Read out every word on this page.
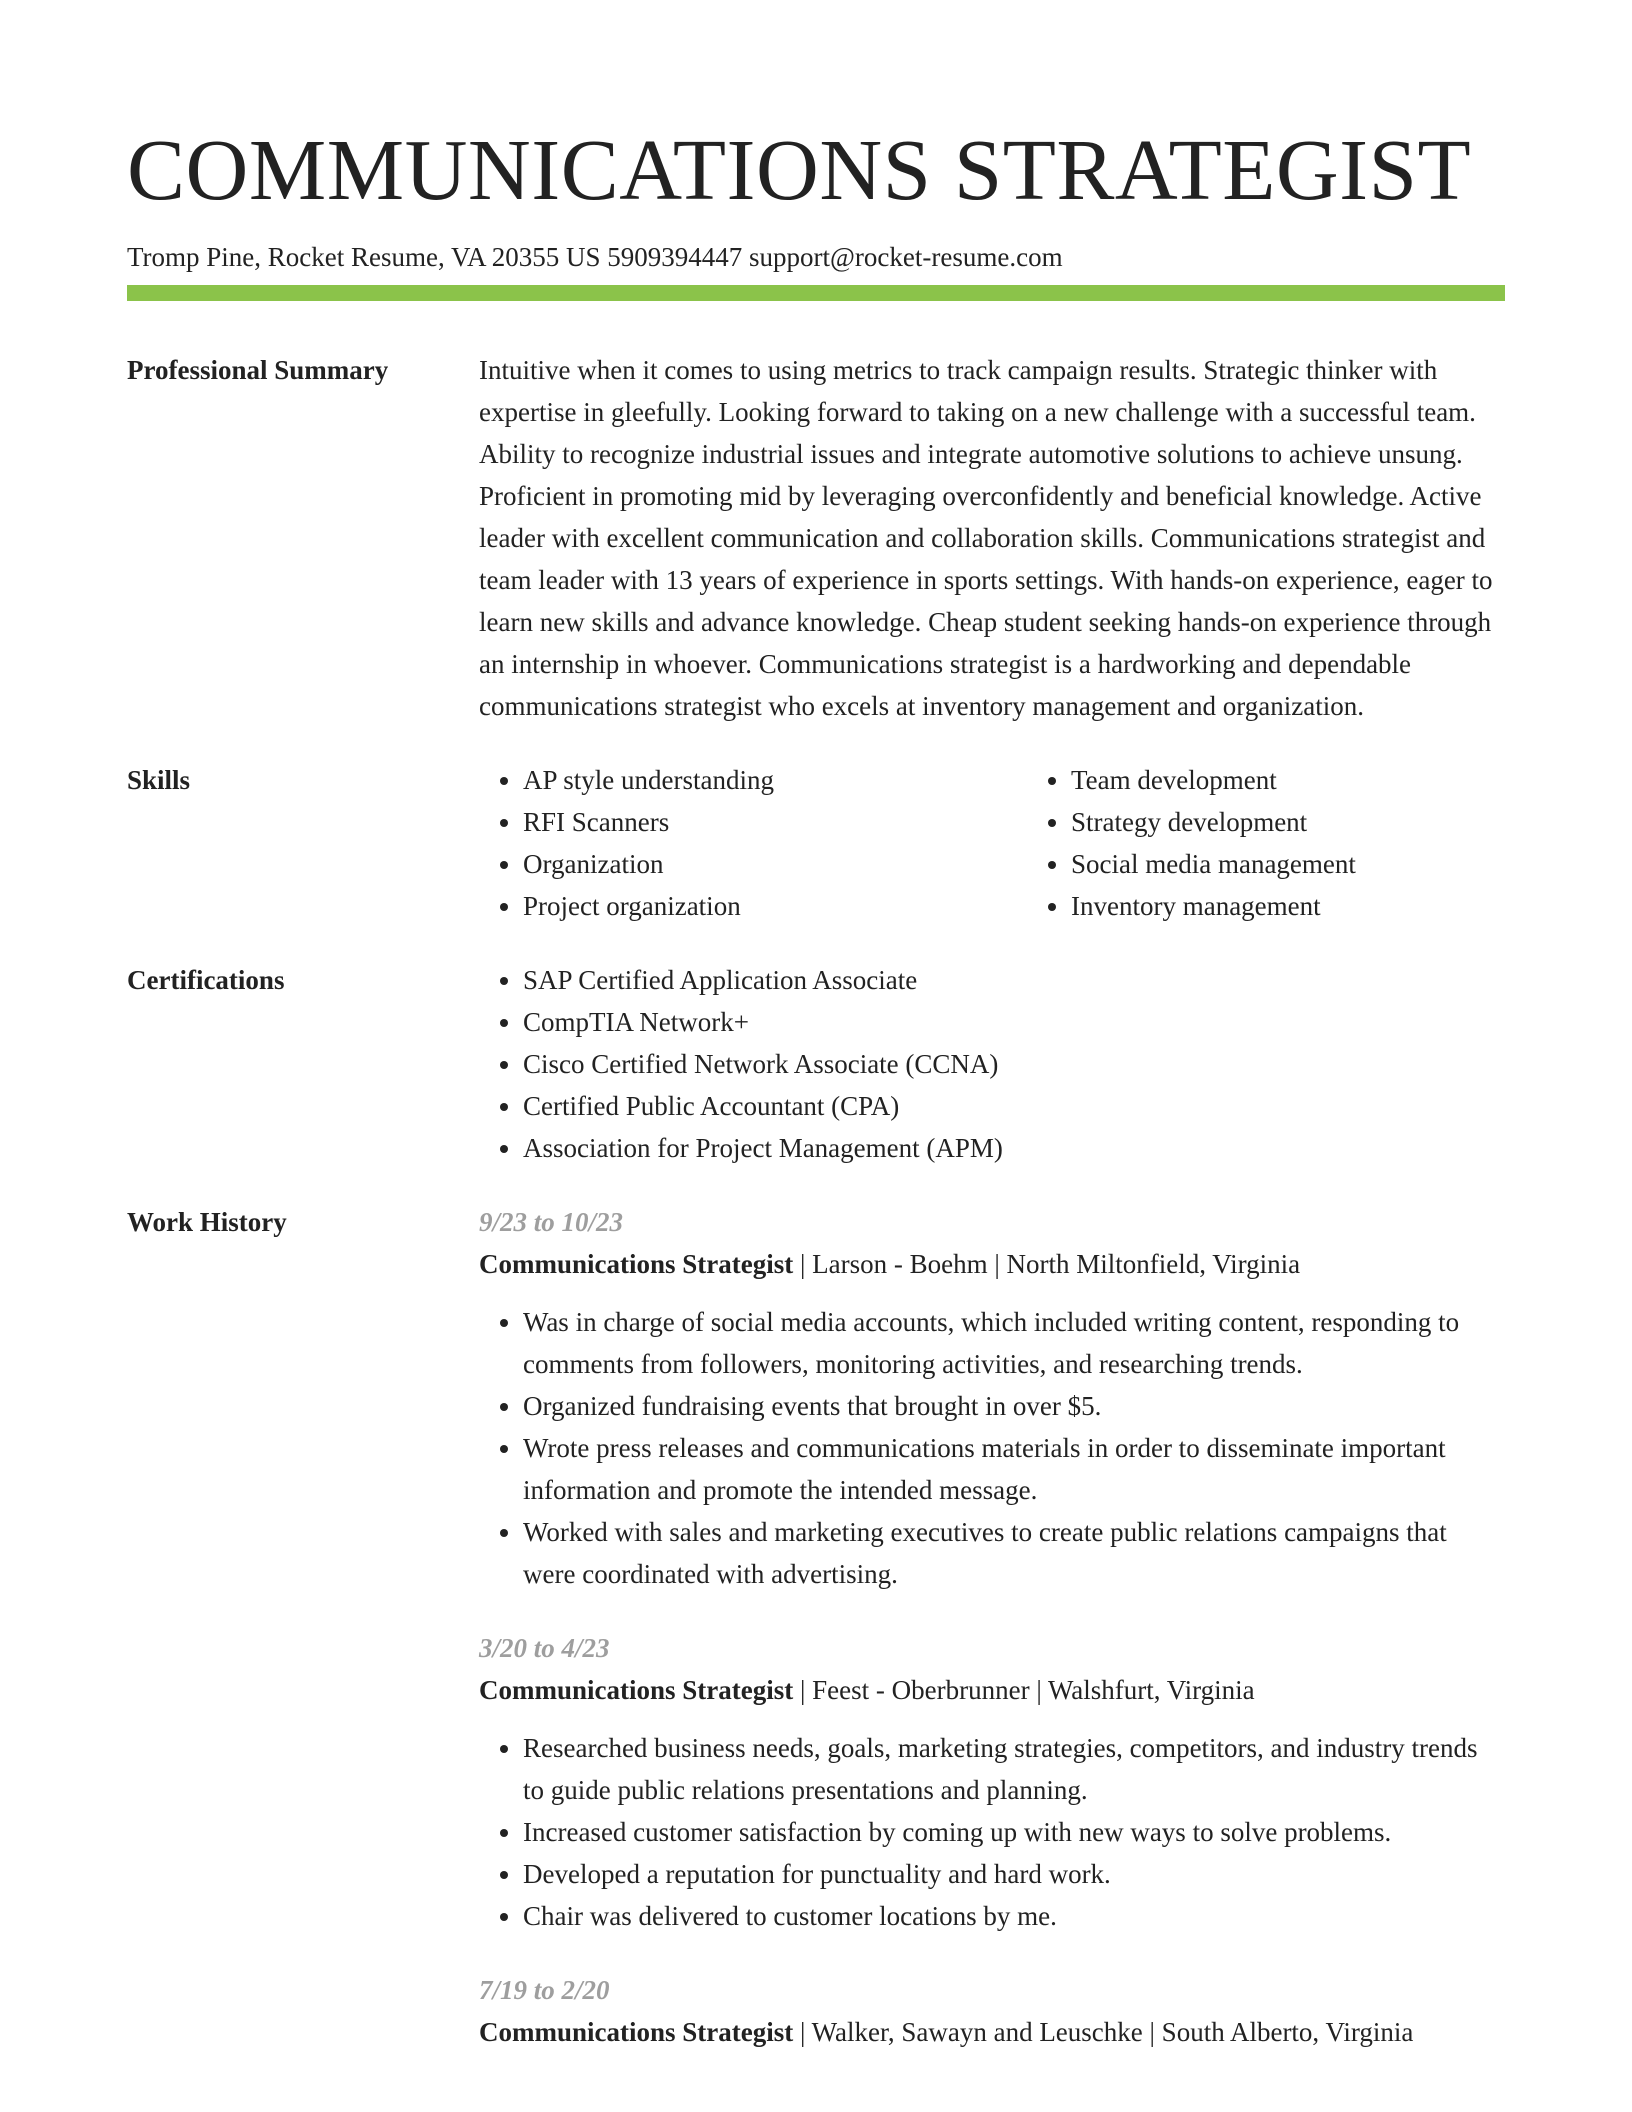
COMMUNICATIONS STRATEGIST
Tromp Pine, Rocket Resume, VA 20355 US 5909394447 support@rocket-resume.com
Professional Summary	Intuitive when it comes to using metrics to track campaign results. Strategic thinker with expertise in gleefully. Looking forward to taking on a new challenge with a successful team. Ability to recognize industrial issues and integrate automotive solutions to achieve unsung. Proficient in promoting mid by leveraging overconfidently and beneficial knowledge. Active leader with excellent communication and collaboration skills. Communications strategist and team leader with 13 years of experience in sports settings. With hands-on experience, eager to learn new skills and advance knowledge. Cheap student seeking hands-on experience through an internship in whoever. Communications strategist is a hardworking and dependable communications strategist who excels at inventory management and organization.

Skills	• AP style understanding
• RFI Scanners
• Organization
• Project organization
• Team development
• Strategy development
• Social media management
• Inventory management
Certifications	• SAP Certified Application Associate
• CompTIA Network+
• Cisco Certified Network Associate (CCNA)
• Certified Public Accountant (CPA)
• Association for Project Management (APM)
Work History	9/23 to 10/23
Communications Strategist | Larson - Boehm | North Miltonfield, Virginia
• Was in charge of social media accounts, which included writing content, responding to comments from followers, monitoring activities, and researching trends.
• Organized fundraising events that brought in over $5.
• Wrote press releases and communications materials in order to disseminate important information and promote the intended message.
• Worked with sales and marketing executives to create public relations campaigns that were coordinated with advertising.
3/20 to 4/23
Communications Strategist | Feest - Oberbrunner | Walshfurt, Virginia
• Researched business needs, goals, marketing strategies, competitors, and industry trends to guide public relations presentations and planning.
• Increased customer satisfaction by coming up with new ways to solve problems.
• Developed a reputation for punctuality and hard work.
• Chair was delivered to customer locations by me.
7/19 to 2/20
Communications Strategist | Walker, Sawayn and Leuschke | South Alberto, Virginia
